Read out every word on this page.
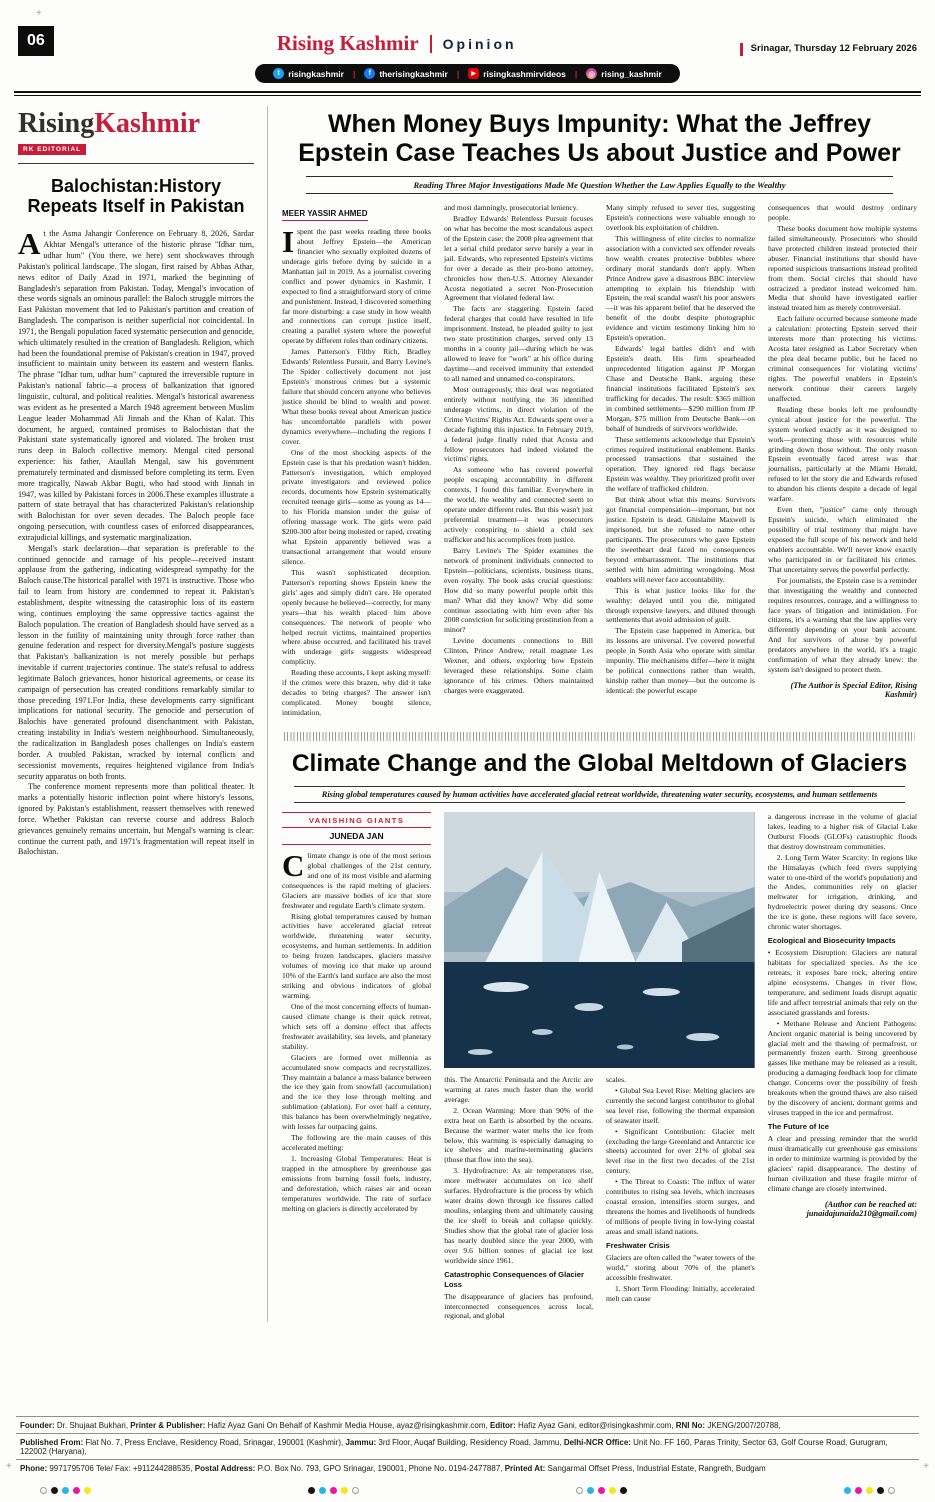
+
+	+
06	Rising Kashmir Opinion	Srinagar, Thursday 12 February 2026
t risingkashmir |	f therisingkashmir |	▶ risingkashmirvideos |	◎ rising_kashmir
RisingKashmir
RK EDITORIAL
Balochistan:History Repeats Itself in Pakistan

At the Asma Jahangir Conference on February 8, 2026, Sardar Akhtar Mengal's utterance of the historic phrase "Idhar tum, udhar hum" (You there, we here) sent shockwaves through Pakistan's political landscape. The slogan, first raised by Abbas Athar, news editor of Daily Azad in 1971, marked the beginning of Bangladesh's separation from Pakistan. Today, Mengal's invocation of these words signals an ominous parallel: the Baloch struggle mirrors the East Pakistan movement that led to Pakistan's partition and creation of Bangladesh. The comparison is neither superficial nor coincidental. In 1971, the Bengali population faced systematic persecution and genocide, which ultimately resulted in the creation of Bangladesh. Religion, which had been the foundational premise of Pakistan's creation in 1947, proved insufficient to maintain unity between its eastern and western flanks. The phrase "Idhar tum, udhar hum" captured the irreversible rupture in Pakistan's national fabric—a process of balkanization that ignored linguistic, cultural, and political realities. Mengal's historical awareness was evident as he presented a March 1948 agreement between Muslim League leader Mohammad Ali Jinnah and the Khan of Kalat. This document, he argued, contained promises to Balochistan that the Pakistani state systematically ignored and violated. The broken trust runs deep in Baloch collective memory. Mengal cited personal experience: his father, Ataullah Mengal, saw his government prematurely terminated and dismissed before completing its term. Even more tragically, Nawab Akbar Bugti, who had stood with Jinnah in 1947, was killed by Pakistani forces in 2006.These examples illustrate a pattern of state betrayal that has characterized Pakistan's relationship with Balochistan for over seven decades. The Baloch people face ongoing persecution, with countless cases of enforced disappearances, extrajudicial killings, and systematic marginalization.

Mengal's stark declaration—that separation is preferable to the continued genocide and carnage of his people—received instant applause from the gathering, indicating widespread sympathy for the Baloch cause.The historical parallel with 1971 is instructive. Those who fail to learn from history are condemned to repeat it. Pakistan's establishment, despite witnessing the catastrophic loss of its eastern wing, continues employing the same oppressive tactics against the Baloch population. The creation of Bangladesh should have served as a lesson in the futility of maintaining unity through force rather than genuine federation and respect for diversity.Mengal's posture suggests that Pakistan's balkanization is not merely possible but perhaps inevitable if current trajectories continue. The state's refusal to address legitimate Baloch grievances, honor historical agreements, or cease its campaign of persecution has created conditions remarkably similar to those preceding 1971.For India, these developments carry significant implications for national security. The genocide and persecution of Balochis have generated profound disenchantment with Pakistan, creating instability in India's western neighbourhood. Simultaneously, the radicalization in Bangladesh poses challenges on India's eastern border. A troubled Pakistan, wracked by internal conflicts and secessionist movements, requires heightened vigilance from India's security apparatus on both fronts.

The conference moment represents more than political theater. It marks a potentially historic inflection point where history's lessons, ignored by Pakistan's establishment, reassert themselves with renewed force. Whether Pakistan can reverse course and address Baloch grievances genuinely remains uncertain, but Mengal's warning is clear: continue the current path, and 1971's fragmentation will repeat itself in Balochistan.

When Money Buys Impunity: What the Jeffrey Epstein Case Teaches Us about Justice and Power
Reading Three Major Investigations Made Me Question Whether the Law Applies Equally to the Wealthy
MEER YASSIR AHMED

Ispent the past weeks reading three books about Jeffrey Epstein—the American financier who sexually exploited dozens of underage girls before dying by suicide in a Manhattan jail in 2019. As a journalist covering conflict and power dynamics in Kashmir, I expected to find a straightforward story of crime and punishment. Instead, I discovered something far more disturbing: a case study in how wealth and connections can corrupt justice itself, creating a parallel system where the powerful operate by different rules than ordinary citizens.

James Patterson's Filthy Rich, Bradley Edwards' Relentless Pursuit, and Barry Levine's The Spider collectively document not just Epstein's monstrous crimes but a systemic failure that should concern anyone who believes justice should be blind to wealth and power. What these books reveal about American justice has uncomfortable parallels with power dynamics everywhere—including the regions I cover.

One of the most shocking aspects of the Epstein case is that his predation wasn't hidden. Patterson's investigation, which employed private investigators and reviewed police records, documents how Epstein systematically recruited teenage girls—some as young as 14—to his Florida mansion under the guise of offering massage work. The girls were paid $200-300 after being molested or raped, creating what Epstein apparently believed was a transactional arrangement that would ensure silence.

This wasn't sophisticated deception. Patterson's reporting shows Epstein knew the girls' ages and simply didn't care. He operated openly because he believed—correctly, for many years—that his wealth placed him above consequences. The network of people who helped recruit victims, maintained properties where abuse occurred, and facilitated his travel with underage girls suggests widespread complicity.

Reading these accounts, I kept asking myself: if the crimes were this brazen, why did it take decades to bring charges? The answer isn't complicated. Money bought silence, intimidation,

and most damningly, prosecutorial leniency.

Bradley Edwards' Relentless Pursuit focuses on what has become the most scandalous aspect of the Epstein case: the 2008 plea agreement that let a serial child predator serve barely a year in jail. Edwards, who represented Epstein's victims for over a decade as their pro-bono attorney, chronicles how then-U.S. Attorney Alexander Acosta negotiated a secret Non-Prosecution Agreement that violated federal law.

The facts are staggering. Epstein faced federal charges that could have resulted in life imprisonment. Instead, he pleaded guilty to just two state prostitution charges, served only 13 months in a county jail—during which he was allowed to leave for "work" at his office during daytime—and received immunity that extended to all named and unnamed co-conspirators.

Most outrageously, this deal was negotiated entirely without notifying the 36 identified underage victims, in direct violation of the Crime Victims' Rights Act. Edwards spent over a decade fighting this injustice. In February 2019, a federal judge finally ruled that Acosta and fellow prosecutors had indeed violated the victims' rights.

As someone who has covered powerful people escaping accountability in different contexts, I found this familiar. Everywhere in the world, the wealthy and connected seem to operate under different rules. But this wasn't just preferential treatment—it was prosecutors actively conspiring to shield a child sex trafficker and his accomplices from justice.

Barry Levine's The Spider examines the network of prominent individuals connected to Epstein—politicians, scientists, business titans, even royalty. The book asks crucial questions: How did so many powerful people orbit this man? What did they know? Why did some continue associating with him even after his 2008 conviction for soliciting prostitution from a minor?

Levine documents connections to Bill Clinton, Prince Andrew, retail magnate Les Wexner, and others, exploring how Epstein leveraged these relationships. Some claim ignorance of his crimes. Others maintained charges were exaggerated.

Many simply refused to sever ties, suggesting Epstein's connections were valuable enough to overlook his exploitation of children.

This willingness of elite circles to normalize association with a convicted sex offender reveals how wealth creates protective bubbles where ordinary moral standards don't apply. When Prince Andrew gave a disastrous BBC interview attempting to explain his friendship with Epstein, the real scandal wasn't his poor answers—it was his apparent belief that he deserved the benefit of the doubt despite photographic evidence and victim testimony linking him to Epstein's operation.

Edwards' legal battles didn't end with Epstein's death. His firm spearheaded unprecedented litigation against JP Morgan Chase and Deutsche Bank, arguing these financial institutions facilitated Epstein's sex trafficking for decades. The result: $365 million in combined settlements—$290 million from JP Morgan, $75 million from Deutsche Bank—on behalf of hundreds of survivors worldwide.

These settlements acknowledge that Epstein's crimes required institutional enablement. Banks processed transactions that sustained the operation. They ignored red flags because Epstein was wealthy. They prioritized profit over the welfare of trafficked children.

But think about what this means. Survivors got financial compensation—important, but not justice. Epstein is dead. Ghislaine Maxwell is imprisoned, but she refused to name other participants. The prosecutors who gave Epstein the sweetheart deal faced no consequences beyond embarrassment. The institutions that settled with him admitting wrongdoing. Most enablers will never face accountability.

This is what justice looks like for the wealthy: delayed until you die, mitigated through expensive lawyers, and diluted through settlements that avoid admission of guilt.

The Epstein case happened in America, but its lessons are universal. I've covered powerful people in South Asia who operate with similar impunity. The mechanisms differ—here it might be political connections rather than wealth, kinship rather than money—but the outcome is identical: the powerful escape

consequences that would destroy ordinary people.

These books document how multiple systems failed simultaneously. Prosecutors who should have protected children instead protected their abuser. Financial institutions that should have reported suspicious transactions instead profited from them. Social circles that should have ostracized a predator instead welcomed him. Media that should have investigated earlier instead treated him as merely controversial.

Each failure occurred because someone made a calculation: protecting Epstein served their interests more than protecting his victims. Acosta later resigned as Labor Secretary when the plea deal became public, but he faced no criminal consequences for violating victims' rights. The powerful enablers in Epstein's network continue their careers largely unaffected.

Reading these books left me profoundly cynical about justice for the powerful. The system worked exactly as it was designed to work—protecting those with resources while grinding down those without. The only reason Epstein eventually faced arrest was that journalists, particularly at the Miami Herald, refused to let the story die and Edwards refused to abandon his clients despite a decade of legal warfare.

Even then, "justice" came only through Epstein's suicide, which eliminated the possibility of trial testimony that might have exposed the full scope of his network and held enablers accountable. We'll never know exactly who participated in or facilitated his crimes. That uncertainty serves the powerful perfectly.

For journalists, the Epstein case is a reminder that investigating the wealthy and connected requires resources, courage, and a willingness to face years of litigation and intimidation. For citizens, it's a warning that the law applies very differently depending on your bank account. And for survivors of abuse by powerful predators anywhere in the world, it's a tragic confirmation of what they already knew: the system isn't designed to protect them.

(The Author is Special Editor, Rising Kashmir)
Climate Change and the Global Meltdown of Glaciers
Rising global temperatures caused by human activities have accelerated glacial retreat worldwide, threatening water security, ecosystems, and human settlements
VANISHING GIANTS
JUNEDA JAN

Climate change is one of the most serious global challenges of the 21st century, and one of its most visible and alarming consequences is the rapid melting of glaciers. Glaciers are massive bodies of ice that store freshwater and regulate Earth's climate system.

Rising global temperatures caused by human activities have accelerated glacial retreat worldwide, threatening water security, ecosystems, and human settlements. In addition to being frozen landscapes, glaciers massive volumes of moving ice that make up around 10% of the Earth's land surface are also the most striking and obvious indicators of global warming.

One of the most concerning effects of human-caused climate change is their quick retreat, which sets off a domino effect that affects freshwater availability, sea levels, and planetary stability.

Glaciers are formed over millennia as accumulated snow compacts and recrystallizes. They maintain a balance a mass balance between the ice they gain from snowfall (accumulation) and the ice they lose through melting and sublimation (ablation). For over half a century, this balance has been overwhelmingly negative, with losses far outpacing gains.

The following are the main causes of this accelerated melting:

1. Increasing Global Temperatures: Heat is trapped in the atmosphere by greenhouse gas emissions from burning fossil fuels, industry, and deforestation, which raises air and ocean temperatures worldwide. The rate of surface melting on glaciers is directly accelerated by

this. The Antarctic Peninsula and the Arctic are warming at rates much faster than the world average.

2. Ocean Warming: More than 90% of the extra heat on Earth is absorbed by the oceans. Because the warmer water melts the ice from below, this warming is especially damaging to ice shelves and marine-terminating glaciers (those that flow into the sea).

3. Hydrofracture: As air temperatures rise, more meltwater accumulates on ice shelf surfaces. Hydrofracture is the process by which water drains down through ice fissures called moulins, enlarging them and ultimately causing the ice shelf to break and collapse quickly. Studies show that the global rate of glacier loss has nearly doubled since the year 2000, with over 9.6 billion tonnes of glacial ice lost worldwide since 1961.

Catastrophic Consequences of Glacier Loss

The disappearance of glaciers has profound, interconnected consequences across local, regional, and global

scales.

• Global Sea Level Rise: Melting glaciers are currently the second largest contributor to global sea level rise, following the thermal expansion of seawater itself.

• Significant Contribution: Glacier melt (excluding the large Greenland and Antarctic ice sheets) accounted for over 21% of global sea level rise in the first two decades of the 21st century.

• The Threat to Coasts: The influx of water contributes to rising sea levels, which increases coastal erosion, intensifies storm surges, and threatens the homes and livelihoods of hundreds of millions of people living in low-lying coastal areas and small island nations.

Freshwater Crisis

Glaciers are often called the "water towers of the world," storing about 70% of the planet's accessible freshwater.

1. Short Term Flooding: Initially, accelerated melt can cause

a dangerous increase in the volume of glacial lakes, leading to a higher risk of Glacial Lake Outburst Floods (GLOFs) catastrophic floods that destroy downstream communities.

2. Long Term Water Scarcity: In regions like the Himalayas (which feed rivers supplying water to one-third of the world's population) and the Andes, communities rely on glacier meltwater for irrigation, drinking, and hydroelectric power during dry seasons. Once the ice is gone, these regions will face severe, chronic water shortages.

Ecological and Biosecurity Impacts

• Ecosystem Disruption: Glaciers are natural habitats for specialized species. As the ice retreats, it exposes bare rock, altering entire alpine ecosystems. Changes in river flow, temperature, and sediment loads disrupt aquatic life and affect terrestrial animals that rely on the associated grasslands and forests.

• Methane Release and Ancient Pathogens: Ancient organic material is being uncovered by glacial melt and the thawing of permafrost, or permanently frozen earth. Strong greenhouse gasses like methane may be released as a result, producing a damaging feedback loop for climate change. Concerns over the possibility of fresh breakouts when the ground thaws are also raised by the discovery of ancient, dormant germs and viruses trapped in the ice and permafrost.

The Future of Ice

A clear and pressing reminder that the world must dramatically cut greenhouse gas emissions in order to minimize warming is provided by the glaciers' rapid disappearance. The destiny of human civilization and these fragile mirror of climate change are closely intertwined.

(Author can be reached at: junaidajunaida210@gmail.com)
Founder: Dr. Shujaat Bukhari, Printer & Publisher: Hafiz Ayaz Gani On Behalf of Kashmir Media House, ayaz@risingkashmir.com, Editor: Hafiz Ayaz Gani, editor@risingkashmir.com, RNI No: JKENG/2007/20788,
Published From: Flat No. 7, Press Enclave, Residency Road, Srinagar, 190001 (Kashmir), Jammu: 3rd Floor, Auqaf Building, Residency Road, Jammu, Delhi-NCR Office: Unit No. FF 160, Paras Trinity, Sector 63, Golf Course Road, Gurugram, 122002 (Haryana),
Phone: 9971795706 Tele/ Fax: +911244288535, Postal Address: P.O. Box No. 793, GPO Srinagar, 190001, Phone No. 0194-2477887, Printed At: Sangarmal Offset Press, Industrial Estate, Rangreth, Budgam
